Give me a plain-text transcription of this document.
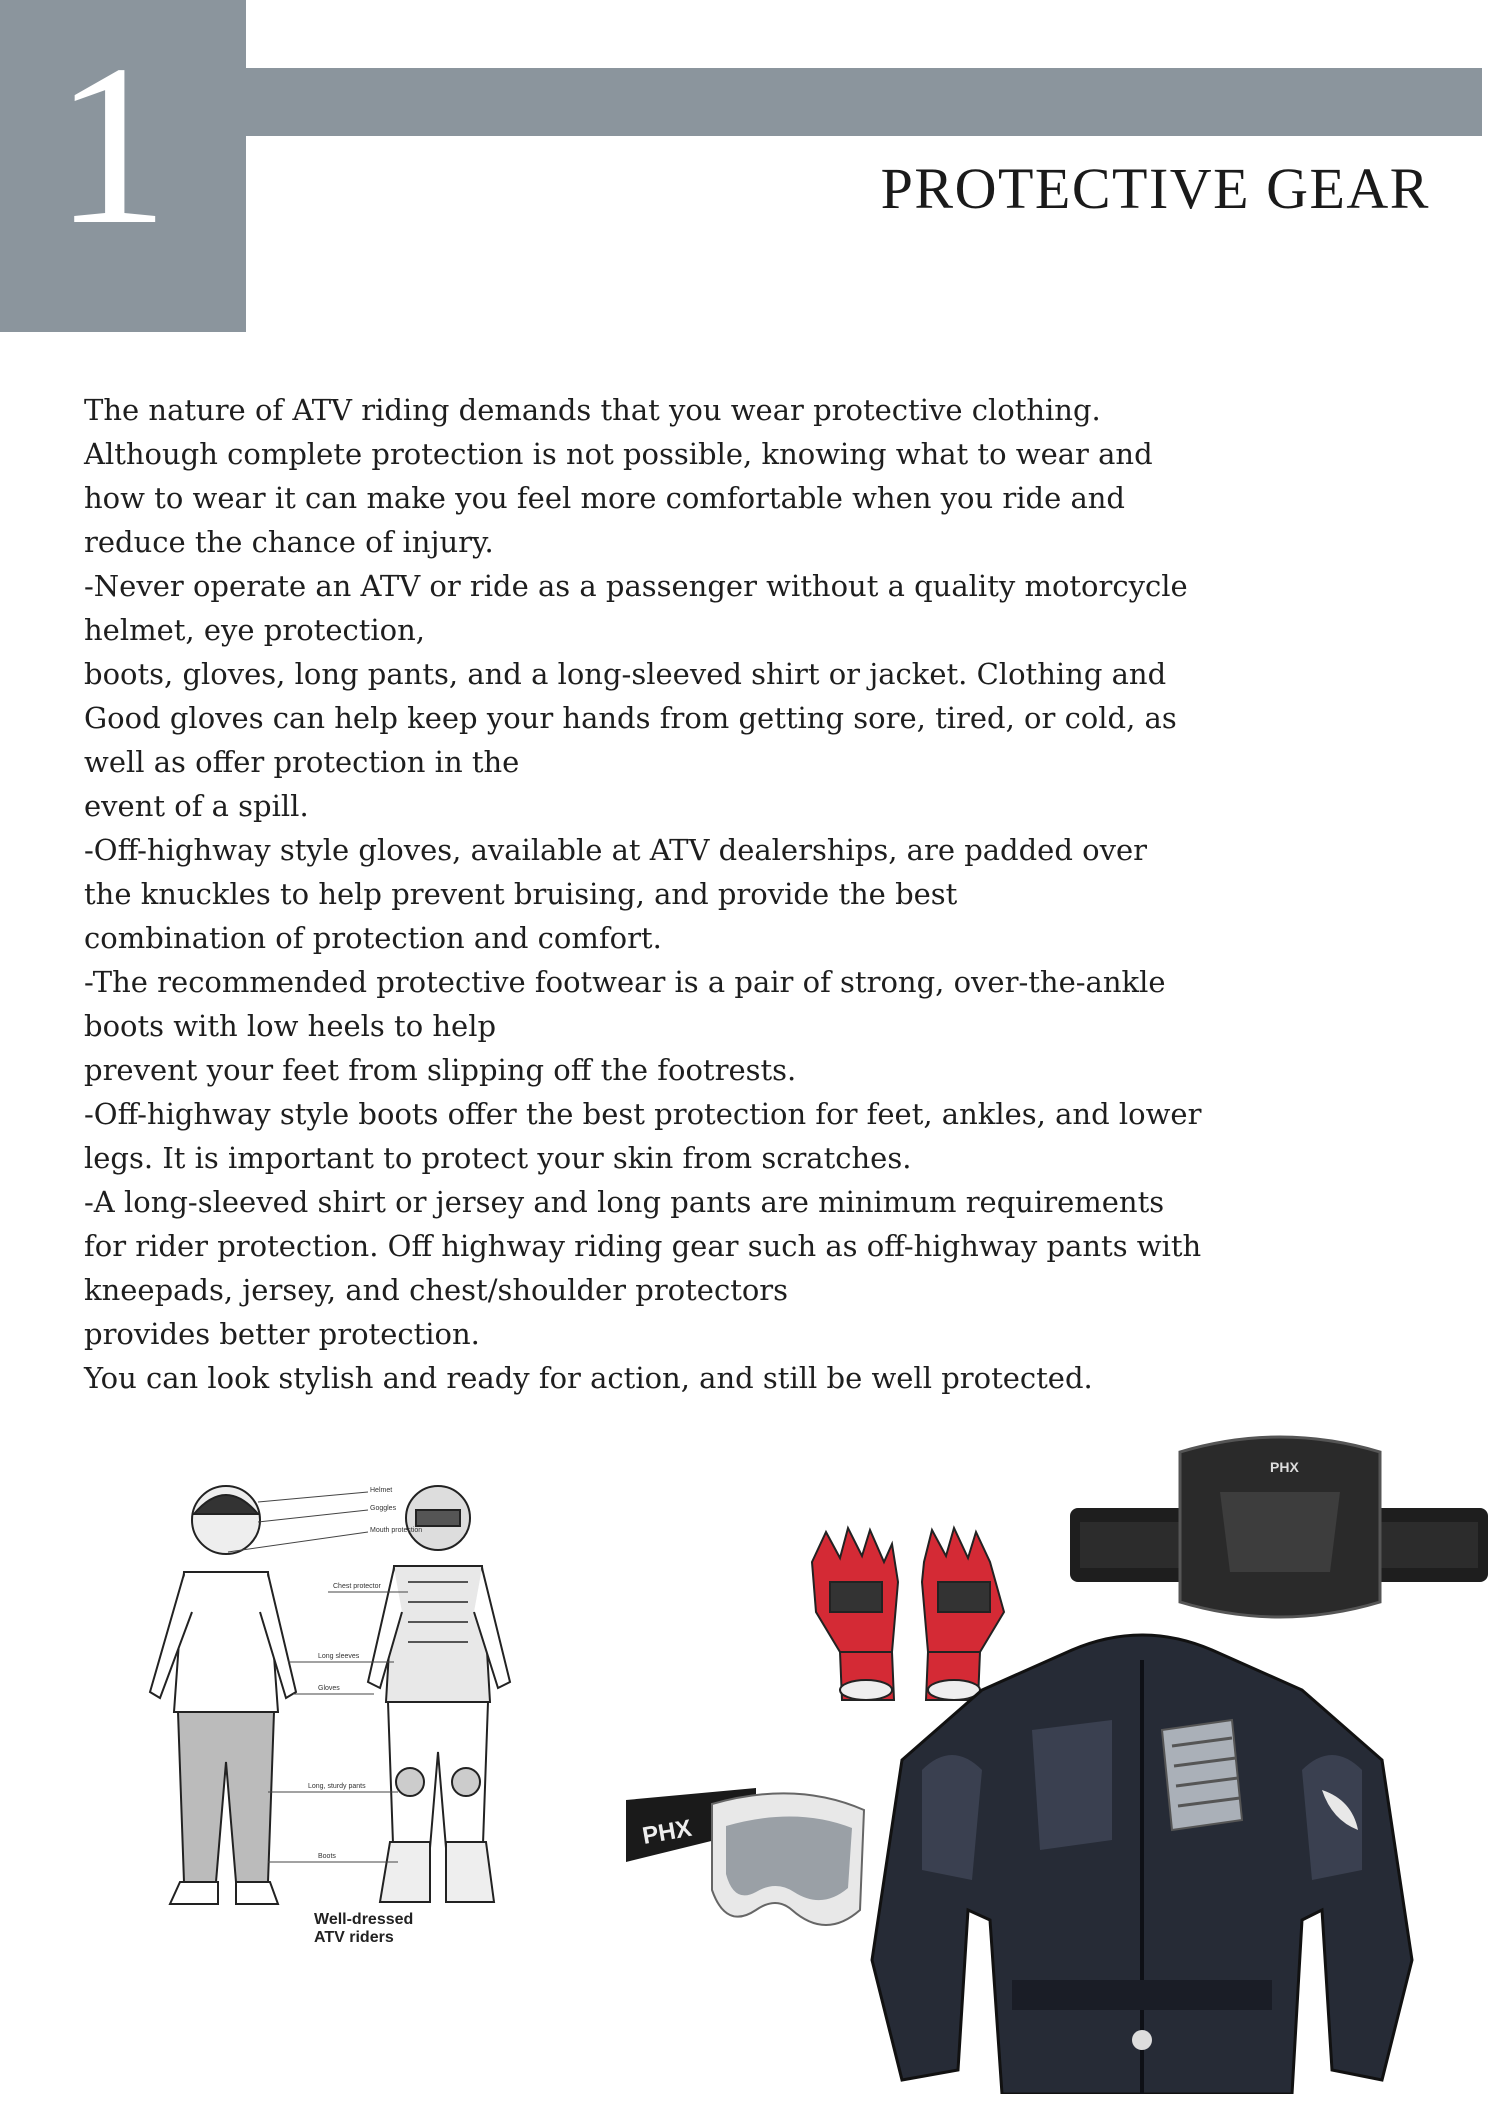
1	PROTECTIVE GEAR
The nature of ATV riding demands that you wear protective clothing.
Although complete protection is not possible, knowing what to wear and
how to wear it can make you feel more comfortable when you ride and
reduce the chance of injury.
-Never operate an ATV or ride as a passenger without a quality motorcycle
helmet, eye protection,
boots, gloves, long pants, and a long-sleeved shirt or jacket. Clothing and
Good gloves can help keep your hands from getting sore, tired, or cold, as
well as offer protection in the
event of a spill.
-Off-highway style gloves, available at ATV dealerships, are padded over
the knuckles to help prevent bruising, and provide the best
combination of protection and comfort.
-The recommended protective footwear is a pair of strong, over-the-ankle
boots with low heels to help
prevent your feet from slipping off the footrests.
-Off-highway style boots offer the best protection for feet, ankles, and lower
legs. It is important to protect your skin from scratches.
-A long-sleeved shirt or jersey and long pants are minimum requirements
for rider protection. Off highway riding gear such as off-highway pants with
kneepads, jersey, and chest/shoulder protectors
provides better protection.
You can look stylish and ready for action, and still be well protected.
Helmet
Goggles
Mouth protection
Chest protector
Long sleeves
Gloves
Long, sturdy pants
Boots
Well-dressed
ATV riders
PHX
PHX
